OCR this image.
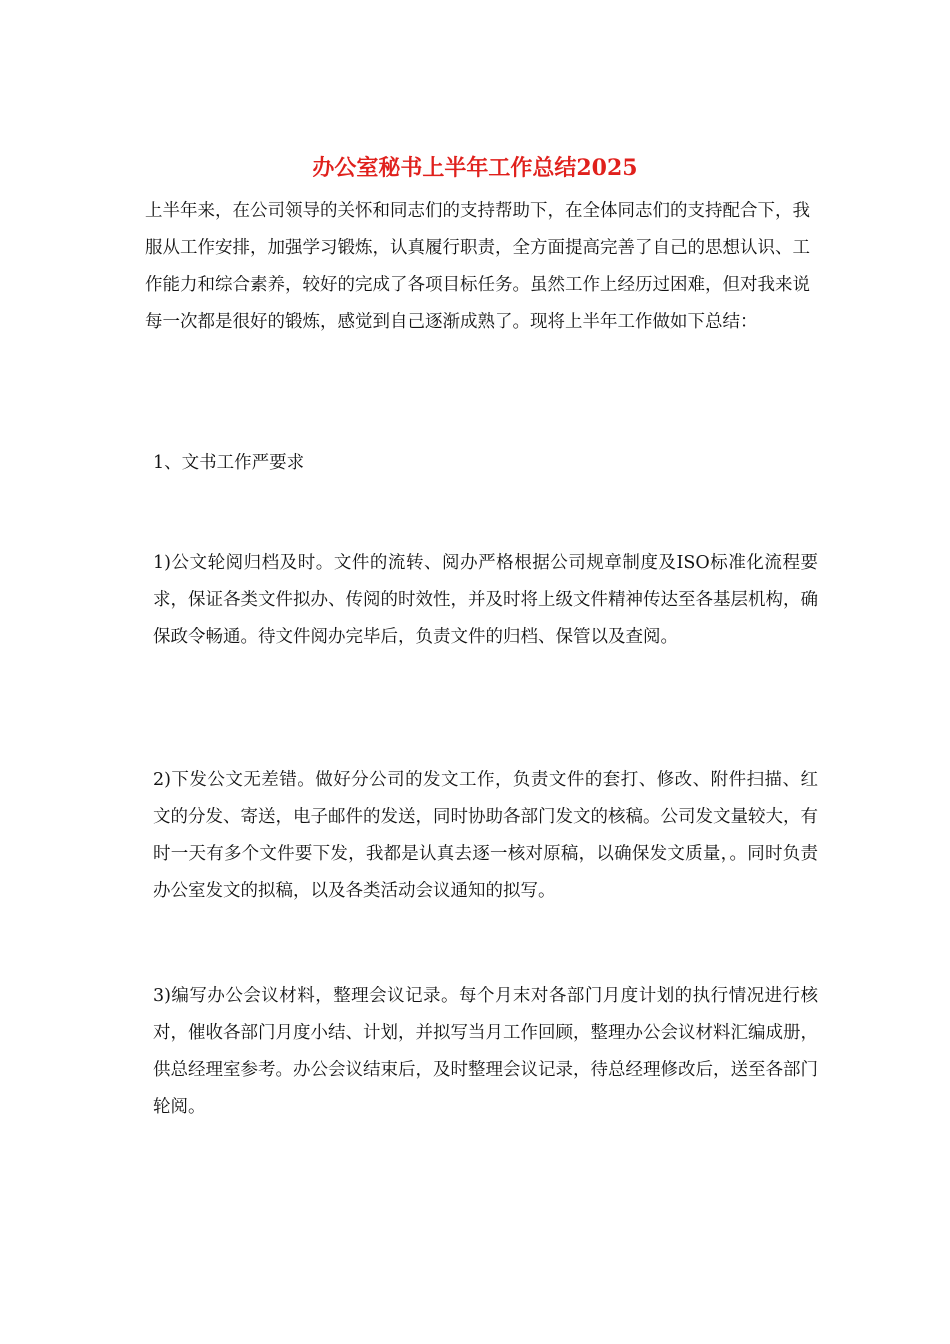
办公室秘书上半年工作总结2025

上半年来，在公司领导的关怀和同志们的支持帮助下，在全体同志们的支持配合下，我服从工作安排，加强学习锻炼，认真履行职责，全方面提高完善了自己的思想认识、工作能力和综合素养，较好的完成了各项目标任务。虽然工作上经历过困难，但对我来说每一次都是很好的锻炼，感觉到自己逐渐成熟了。现将上半年工作做如下总结：

1、文书工作严要求

1)公文轮阅归档及时。文件的流转、阅办严格根据公司规章制度及ISO标准化流程要求，保证各类文件拟办、传阅的时效性，并及时将上级文件精神传达至各基层机构，确保政令畅通。待文件阅办完毕后，负责文件的归档、保管以及查阅。

2)下发公文无差错。做好分公司的发文工作，负责文件的套打、修改、附件扫描、红文的分发、寄送，电子邮件的发送，同时协助各部门发文的核稿。公司发文量较大，有时一天有多个文件要下发，我都是认真去逐一核对原稿，以确保发文质量，。同时负责办公室发文的拟稿，以及各类活动会议通知的拟写。

3)编写办公会议材料，整理会议记录。每个月末对各部门月度计划的执行情况进行核对，催收各部门月度小结、计划，并拟写当月工作回顾，整理办公会议材料汇编成册，供总经理室参考。办公会议结束后，及时整理会议记录，待总经理修改后，送至各部门轮阅。
